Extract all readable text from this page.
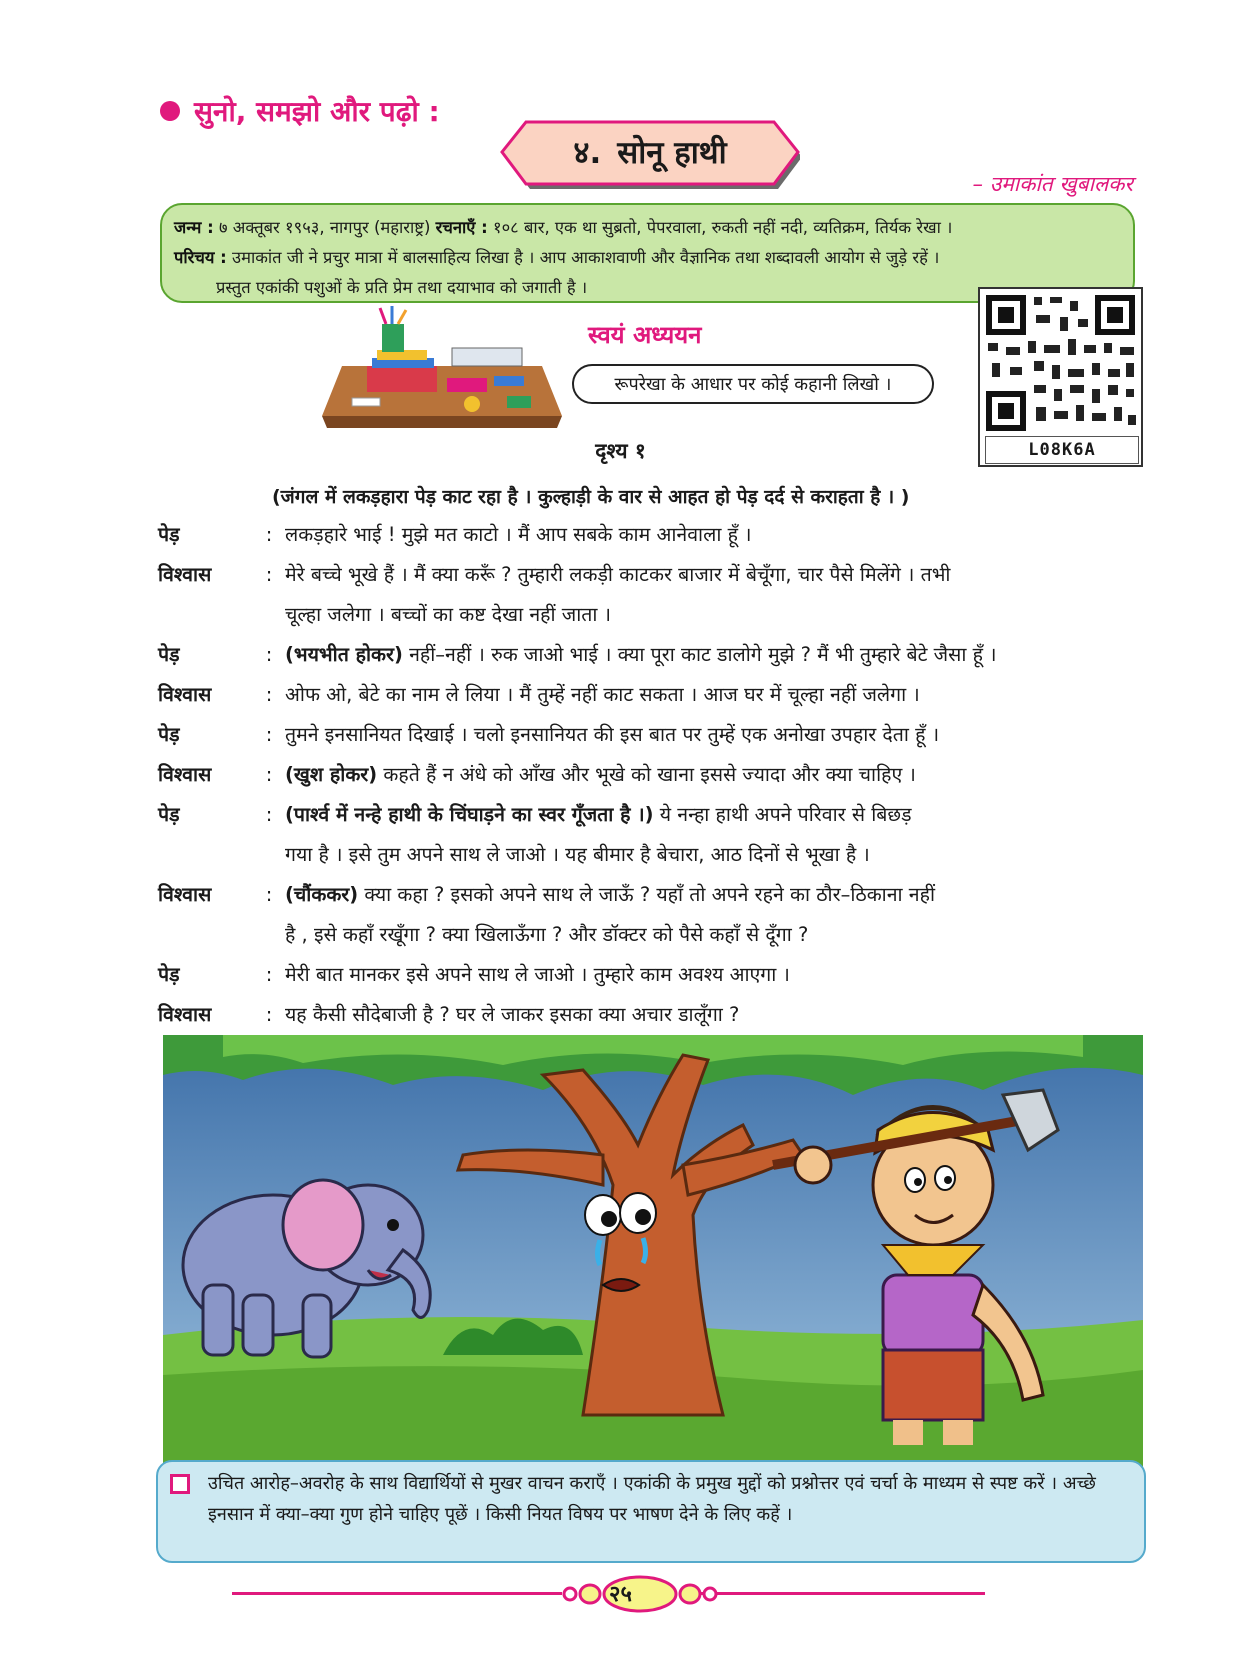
सुनो, समझो और पढ़ो :
४. सोनू हाथी
– उमाकांत खुबालकर
जन्म : ७ अक्तूबर १९५३, नागपुर (महाराष्ट्र) रचनाएँ : १०८ बार, एक था सुब्रतो, पेपरवाला, रुकती नहीं नदी, व्यतिक्रम, तिर्यक रेखा ।
परिचय : उमाकांत जी ने प्रचुर मात्रा में बालसाहित्य लिखा है । आप आकाशवाणी और वैज्ञानिक तथा शब्दावली आयोग से जुड़े रहें ।
प्रस्तुत एकांकी पशुओं के प्रति प्रेम तथा दयाभाव को जगाती है ।
स्वयं अध्ययन
रूपरेखा के आधार पर कोई कहानी लिखो ।
L08K6A
दृश्य १
(जंगल में लकड़हारा पेड़ काट रहा है । कुल्हाड़ी के वार से आहत हो पेड़ दर्द से कराहता है । )
पेड़	: लकड़हारे भाई ! मुझे मत काटो । मैं आप सबके काम आनेवाला हूँ ।
विश्वास	: मेरे बच्चे भूखे हैं । मैं क्या करूँ ? तुम्हारी लकड़ी काटकर बाजार में बेचूँगा, चार पैसे मिलेंगे । तभी
चूल्हा जलेगा । बच्चों का कष्ट देखा नहीं जाता ।
पेड़	: (भयभीत होकर) नहीं–नहीं । रुक जाओ भाई । क्या पूरा काट डालोगे मुझे ? मैं भी तुम्हारे बेटे जैसा हूँ ।
विश्वास	: ओफ ओ, बेटे का नाम ले लिया । मैं तुम्हें नहीं काट सकता । आज घर में चूल्हा नहीं जलेगा ।
पेड़	: तुमने इनसानियत दिखाई । चलो इनसानियत की इस बात पर तुम्हें एक अनोखा उपहार देता हूँ ।
विश्वास	: (खुश होकर) कहते हैं न अंधे को आँख और भूखे को खाना इससे ज्यादा और क्या चाहिए ।
पेड़	: (पार्श्व में नन्हे हाथी के चिंघाड़ने का स्वर गूँजता है ।) ये नन्हा हाथी अपने परिवार से बिछड़
गया है । इसे तुम अपने साथ ले जाओ । यह बीमार है बेचारा, आठ दिनों से भूखा है ।
विश्वास	: (चौंककर) क्या कहा ? इसको अपने साथ ले जाऊँ ? यहाँ तो अपने रहने का ठौर–ठिकाना नहीं
है , इसे कहाँ रखूँगा ? क्या खिलाऊँगा ? और डॉक्टर को पैसे कहाँ से दूँगा ?
पेड़	: मेरी बात मानकर इसे अपने साथ ले जाओ । तुम्हारे काम अवश्य आएगा ।
विश्वास	: यह कैसी सौदेबाजी है ? घर ले जाकर इसका क्या अचार डालूँगा ?
उचित आरोह–अवरोह के साथ विद्यार्थियों से मुखर वाचन कराएँ । एकांकी के प्रमुख मुद्दों को प्रश्नोत्तर एवं चर्चा के माध्यम से स्पष्ट करें । अच्छे इनसान में क्या–क्या गुण होने चाहिए पूछें । किसी नियत विषय पर भाषण देने के लिए कहें ।
२५
